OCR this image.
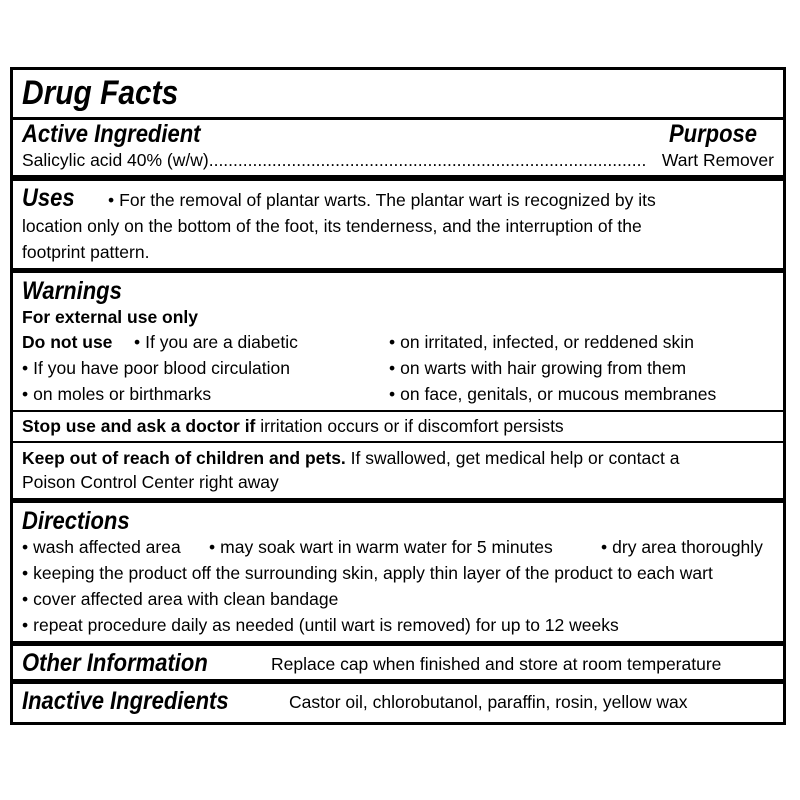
Drug Facts
Active Ingredient	Purpose
Salicylic acid 40% (w/w) .......................................................................................... Wart Remover
Uses •	For the removal of plantar warts. The plantar wart is recognized by its
location only on the bottom of the foot, its tenderness, and the interruption of the
footprint pattern.
Warnings
For external use only
Do not use •	If you are a diabetic
• If you have poor blood circulation
• on moles or birthmarks
• on irritated, infected, or reddened skin
• on warts with hair growing from them
• on face, genitals, or mucous membranes
Stop use and ask a doctor if irritation occurs or if discomfort persists
Keep out of reach of children and pets. If swallowed, get medical help or contact a
Poison Control Center right away
Directions
• wash affected area •	may soak wart in warm water for 5 minutes •	dry area thoroughly
• keeping the product off the surrounding skin, apply thin layer of the product to each wart
• cover affected area with clean bandage
• repeat procedure daily as needed (until wart is removed) for up to 12 weeks
Other Information	Replace cap when finished and store at room temperature
Inactive Ingredients	Castor oil, chlorobutanol, paraffin, rosin, yellow wax
